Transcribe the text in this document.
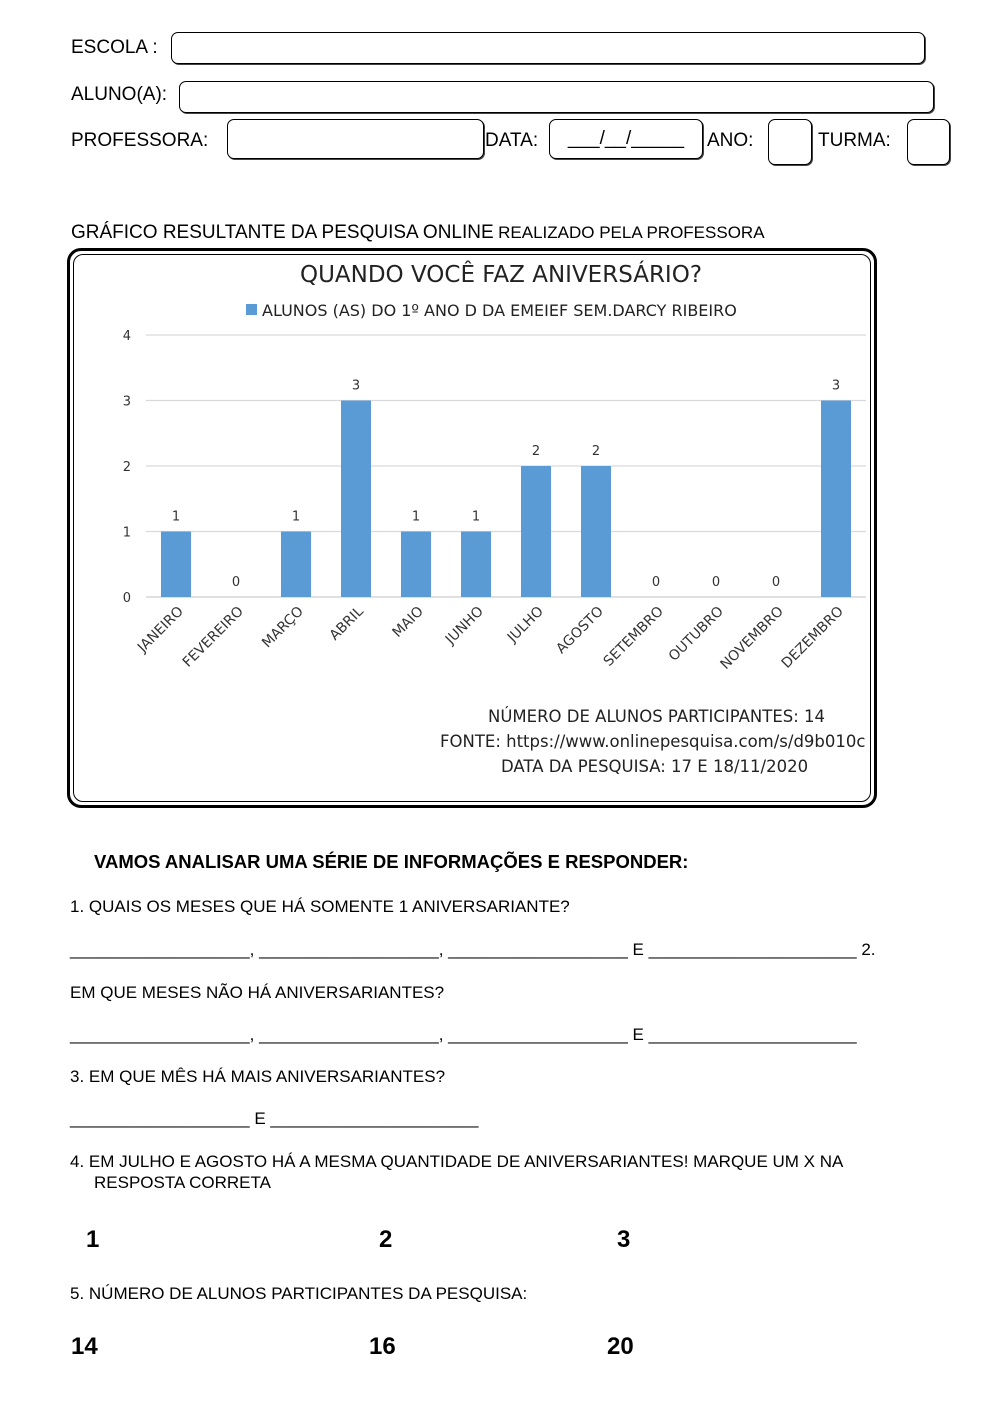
ESCOLA :
ALUNO(A):
PROFESSORA:	DATA: ___/__/_____ ANO:	TURMA:
GRÁFICO RESULTANTE DA PESQUISA ONLINE REALIZADO PELA PROFESSORA
QUANDO VOCÊ FAZ ANIVERSÁRIO?
ALUNOS (AS) DO 1º ANO D DA EMEIEF SEM.DARCY RIBEIRO
0
1
2
3
4
1
0
1
3
1	1
2	2
0	0	0
3
JANEIRO
FEVEREIRO MARÇO ABRIL MAIO JUNHO JULHO AGOSTO
SETEMBRO
OUTUBRO
NOVEMBRO
DEZEMBRO
NÚMERO DE ALUNOS PARTICIPANTES: 14
FONTE: https://www.onlinepesquisa.com/s/d9b010c
DATA DA PESQUISA: 17 E 18/11/2020
VAMOS ANALISAR UMA SÉRIE DE INFORMAÇÕES E RESPONDER:
1. QUAIS OS MESES QUE HÁ SOMENTE 1 ANIVERSARIANTE?
___________________, ___________________, ___________________ E ______________________ 2.
EM QUE MESES NÃO HÁ ANIVERSARIANTES?
___________________, ___________________, ___________________ E ______________________
3. EM QUE MÊS HÁ MAIS ANIVERSARIANTES?
___________________ E ______________________
4. EM JULHO E AGOSTO HÁ A MESMA QUANTIDADE DE ANIVERSARIANTES! MARQUE UM X NA
RESPOSTA CORRETA
1	2	3
5. NÚMERO DE ALUNOS PARTICIPANTES DA PESQUISA:
14	16	20
